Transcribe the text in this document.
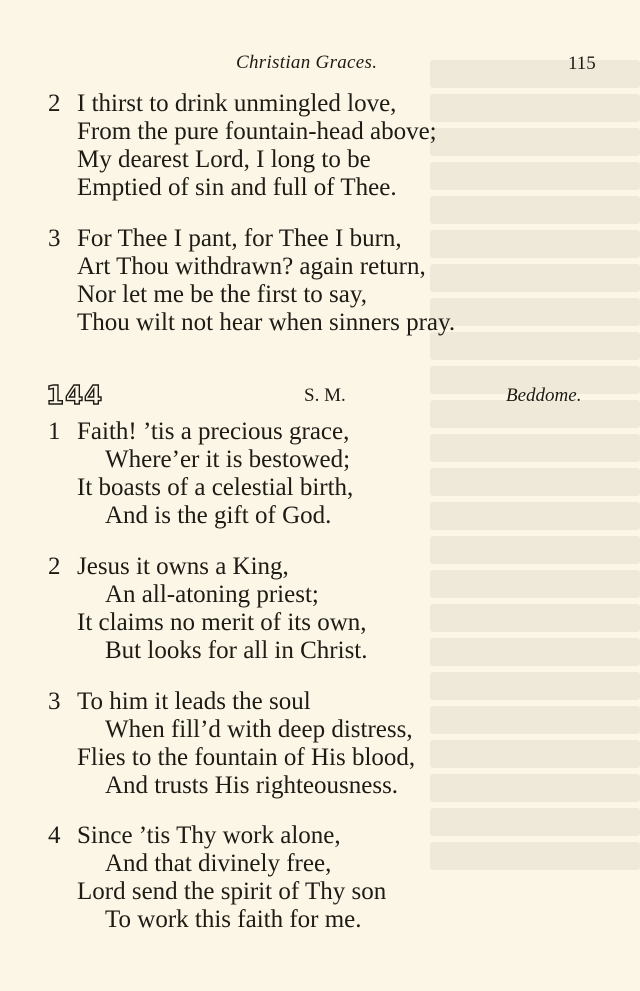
Christian Graces.	115
2 I thirst to drink unmingled love,
From the pure fountain-head above;
My dearest Lord, I long to be
Emptied of sin and full of Thee.
3 For Thee I pant, for Thee I burn,
Art Thou withdrawn? again return,
Nor let me be the first to say,
Thou wilt not hear when sinners pray.
144	S. M.	Beddome.
1 Faith! ’tis a precious grace,
Where’er it is bestowed;
It boasts of a celestial birth,
And is the gift of God.
2 Jesus it owns a King,
An all-atoning priest;
It claims no merit of its own,
But looks for all in Christ.
3 To him it leads the soul
When fill’d with deep distress,
Flies to the fountain of His blood,
And trusts His righteousness.
4 Since ’tis Thy work alone,
And that divinely free,
Lord send the spirit of Thy son
To work this faith for me.
